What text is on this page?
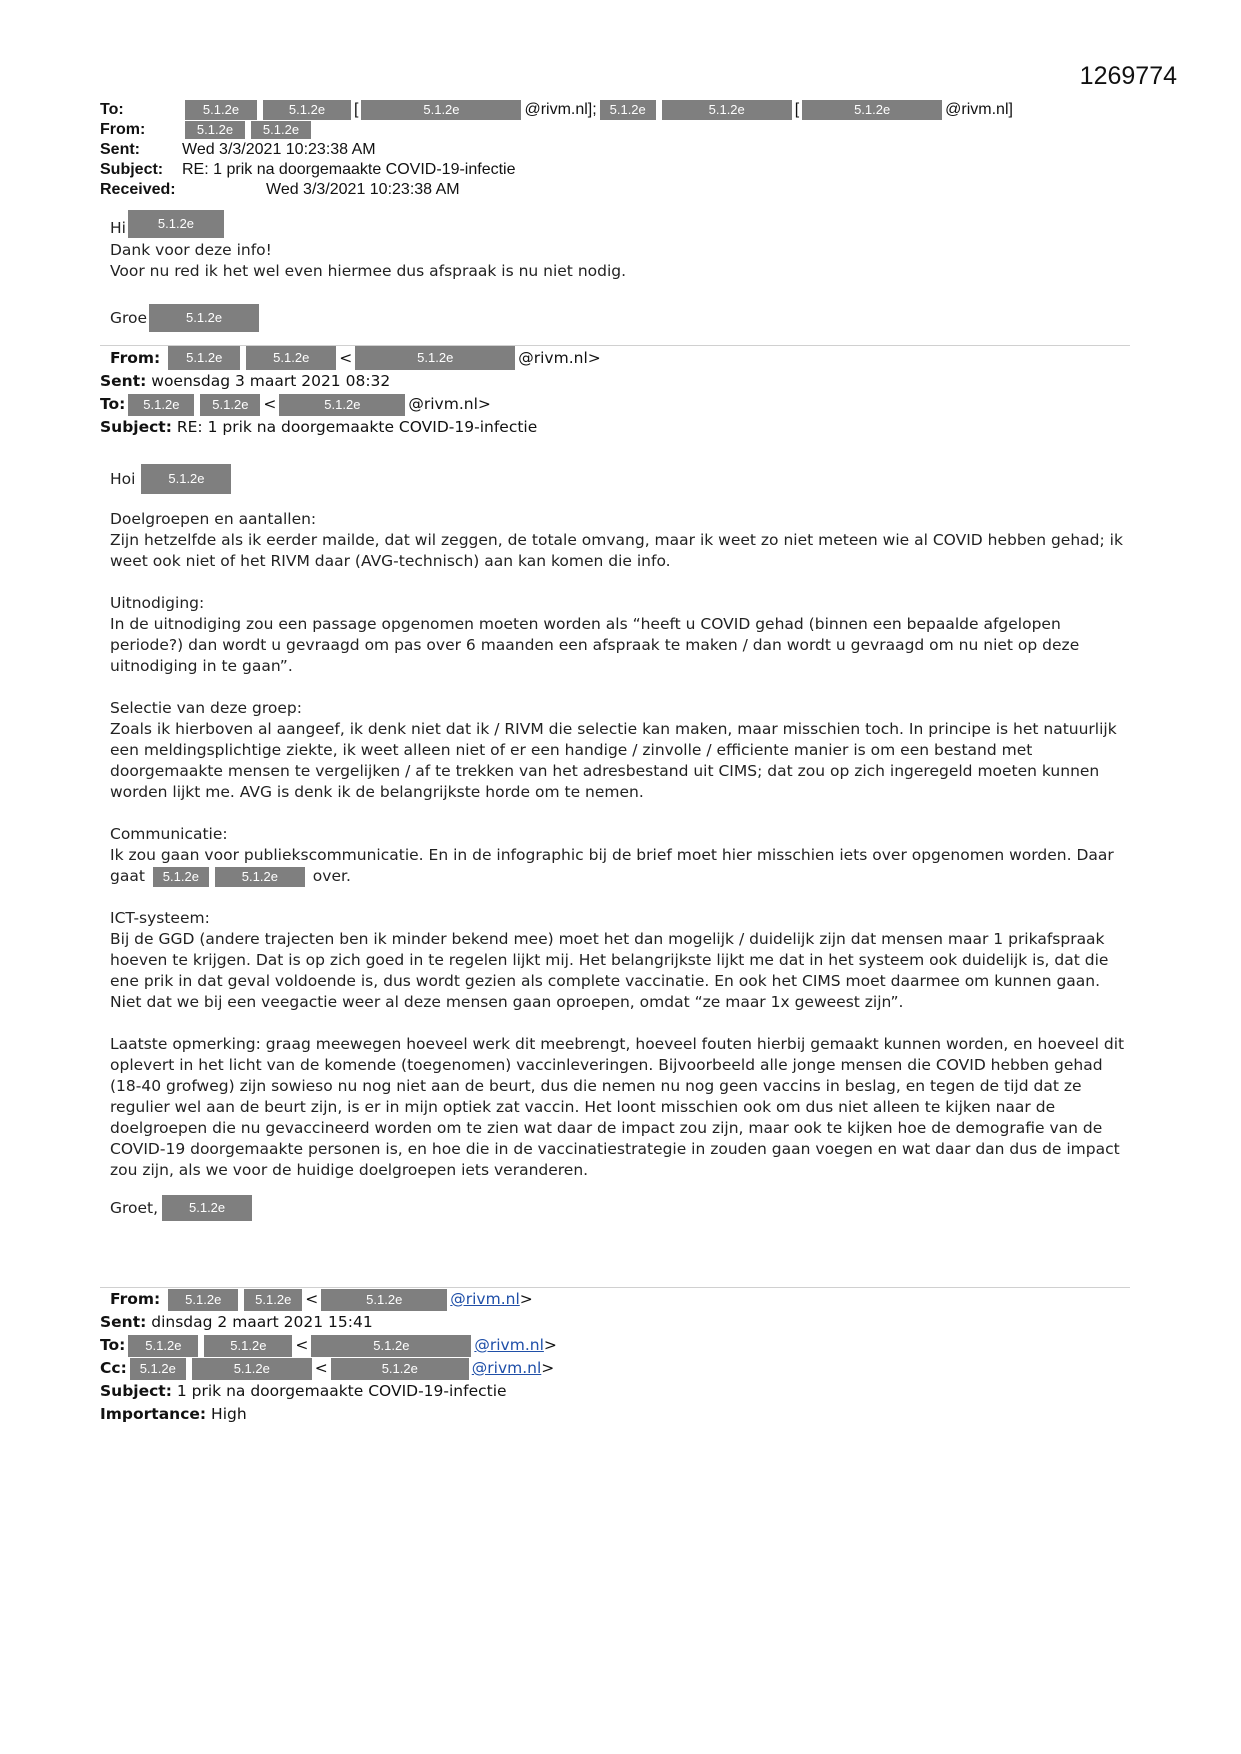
1269774
To:	5.1.2e	5.1.2e	[	5.1.2e	@rivm.nl]; 5.1.2e	5.1.2e	[	5.1.2e	@rivm.nl]
From:	5.1.2e	5.1.2e
Sent:	Wed 3/3/2021 10:23:38 AM
Subject:	RE: 1 prik na doorgemaakte COVID-19-infectie
Received:	Wed 3/3/2021 10:23:38 AM

Hi	5.1.2e

Dank voor deze info!

Voor nu red ik het wel even hiermee dus afspraak is nu niet nodig.

Groe	5.1.2e

From:	5.1.2e	5.1.2e	<	5.1.2e	@rivm.nl>
Sent: woensdag 3 maart 2021 08:32
To:	5.1.2e	5.1.2e <	5.1.2e	@rivm.nl>
Subject: RE: 1 prik na doorgemaakte COVID-19-infectie

Hoi	5.1.2e

Doelgroepen en aantallen:

Zijn hetzelfde als ik eerder mailde, dat wil zeggen, de totale omvang, maar ik weet zo niet meteen wie al COVID hebben gehad; ik weet ook niet of het RIVM daar (AVG-technisch) aan kan komen die info.

Uitnodiging:

In de uitnodiging zou een passage opgenomen moeten worden als “heeft u COVID gehad (binnen een bepaalde afgelopen periode?) dan wordt u gevraagd om pas over 6 maanden een afspraak te maken / dan wordt u gevraagd om nu niet op deze uitnodiging in te gaan”.

Selectie van deze groep:

Zoals ik hierboven al aangeef, ik denk niet dat ik / RIVM die selectie kan maken, maar misschien toch. In principe is het natuurlijk een meldingsplichtige ziekte, ik weet alleen niet of er een handige / zinvolle / efficiente manier is om een bestand met doorgemaakte mensen te vergelijken / af te trekken van het adresbestand uit CIMS; dat zou op zich ingeregeld moeten kunnen worden lijkt me. AVG is denk ik de belangrijkste horde om te nemen.

Communicatie:

Ik zou gaan voor publiekscommunicatie. En in de infographic bij de brief moet hier misschien iets over opgenomen worden. Daar gaat 5.1.2e	5.1.2e over.

ICT-systeem:

Bij de GGD (andere trajecten ben ik minder bekend mee) moet het dan mogelijk / duidelijk zijn dat mensen maar 1 prikafspraak hoeven te krijgen. Dat is op zich goed in te regelen lijkt mij. Het belangrijkste lijkt me dat in het systeem ook duidelijk is, dat die ene prik in dat geval voldoende is, dus wordt gezien als complete vaccinatie. En ook het CIMS moet daarmee om kunnen gaan. Niet dat we bij een veegactie weer al deze mensen gaan oproepen, omdat “ze maar 1x geweest zijn”.

Laatste opmerking: graag meewegen hoeveel werk dit meebrengt, hoeveel fouten hierbij gemaakt kunnen worden, en hoeveel dit oplevert in het licht van de komende (toegenomen) vaccinleveringen. Bijvoorbeeld alle jonge mensen die COVID hebben gehad (18-40 grofweg) zijn sowieso nu nog niet aan de beurt, dus die nemen nu nog geen vaccins in beslag, en tegen de tijd dat ze regulier wel aan de beurt zijn, is er in mijn optiek zat vaccin. Het loont misschien ook om dus niet alleen te kijken naar de doelgroepen die nu gevaccineerd worden om te zien wat daar de impact zou zijn, maar ook te kijken hoe de demografie van de COVID-19 doorgemaakte personen is, en hoe die in de vaccinatiestrategie in zouden gaan voegen en wat daar dan dus de impact zou zijn, als we voor de huidige doelgroepen iets veranderen.

Groet,	5.1.2e

From:	5.1.2e	5.1.2e <	5.1.2e	@rivm.nl >
Sent: dinsdag 2 maart 2021 15:41
To:	5.1.2e	5.1.2e	<	5.1.2e	@rivm.nl >
Cc: 5.1.2e	5.1.2e	<	5.1.2e	@rivm.nl >
Subject: 1 prik na doorgemaakte COVID-19-infectie
Importance: High
